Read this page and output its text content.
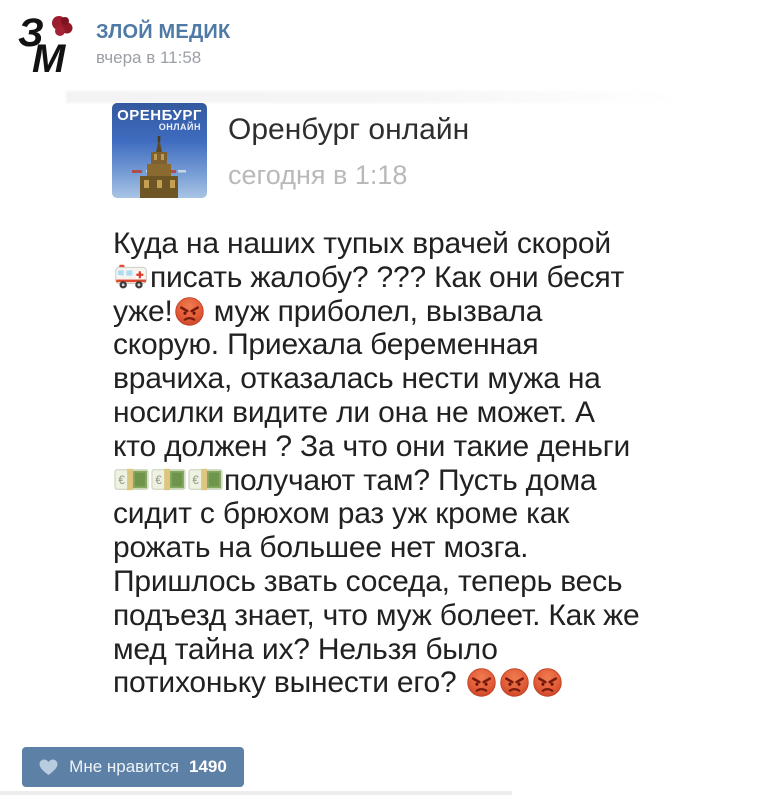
З
М
ЗЛОЙ МЕДИК
вчера в 11:58
ОРЕНБУРГ
ОНЛАЙН Оренбург онлайн
сегодня в 1:18
Куда на наших тупых врачей скорой
писать жалобу? ??? Как они бесят
уже!
муж приболел, вызвала
скорую. Приехала беременная
врачиха, отказалась нести мужа на
носилки видите ли она не может. А
кто должен ? За что они такие деньги
€	€	€ получают там? Пусть дома
сидит с брюхом раз уж кроме как
рожать на большее нет мозга.
Пришлось звать соседа, теперь весь
подъезд знает, что муж болеет. Как же
мед тайна их? Нельзя было
потихоньку вынести его?
Мне нравится 1490
